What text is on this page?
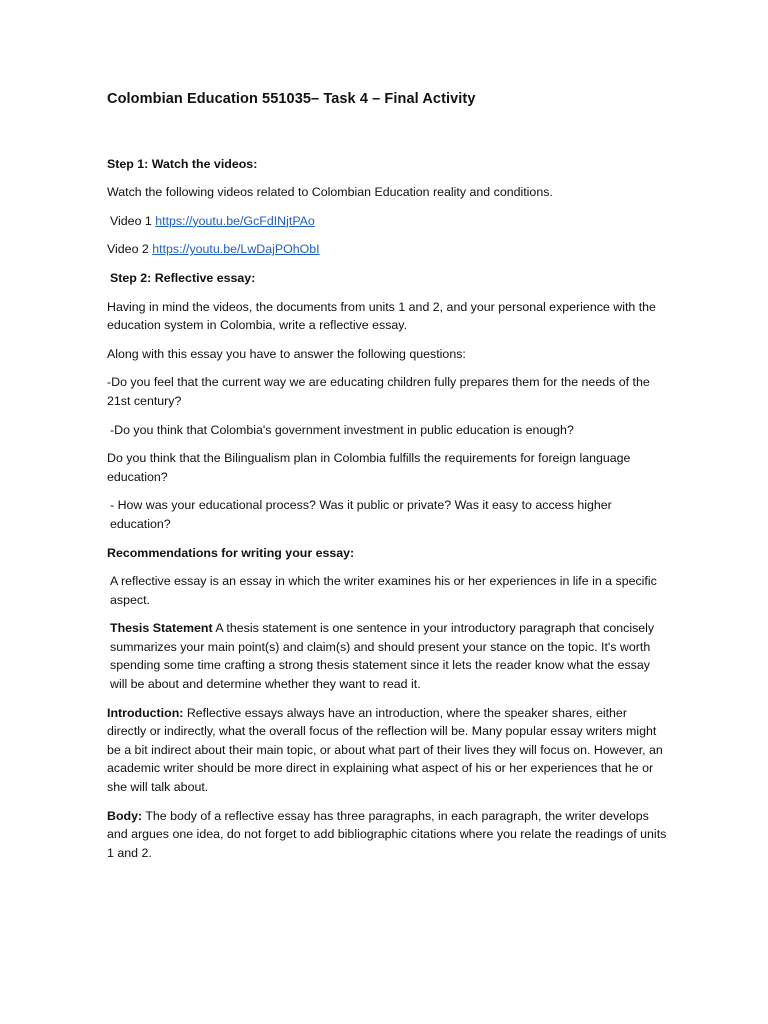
Colombian Education 551035– Task 4 – Final Activity

Step 1: Watch the videos:

Watch the following videos related to Colombian Education reality and conditions.

Video 1 https://youtu.be/GcFdINjtPAo

Video 2 https://youtu.be/LwDajPOhObI

Step 2: Reflective essay:

Having in mind the videos, the documents from units 1 and 2, and your personal experience with the education system in Colombia, write a reflective essay.

Along with this essay you have to answer the following questions:

-Do you feel that the current way we are educating children fully prepares them for the needs of the 21st century?

-Do you think that Colombia's government investment in public education is enough?

Do you think that the Bilingualism plan in Colombia fulfills the requirements for foreign language education?

- How was your educational process? Was it public or private? Was it easy to access higher education?

Recommendations for writing your essay:

A reflective essay is an essay in which the writer examines his or her experiences in life in a specific aspect.

Thesis Statement A thesis statement is one sentence in your introductory paragraph that concisely summarizes your main point(s) and claim(s) and should present your stance on the topic. It's worth spending some time crafting a strong thesis statement since it lets the reader know what the essay will be about and determine whether they want to read it.

Introduction: Reflective essays always have an introduction, where the speaker shares, either directly or indirectly, what the overall focus of the reflection will be. Many popular essay writers might be a bit indirect about their main topic, or about what part of their lives they will focus on. However, an academic writer should be more direct in explaining what aspect of his or her experiences that he or she will talk about.

Body: The body of a reflective essay has three paragraphs, in each paragraph, the writer develops and argues one idea, do not forget to add bibliographic citations where you relate the readings of units 1 and 2.
